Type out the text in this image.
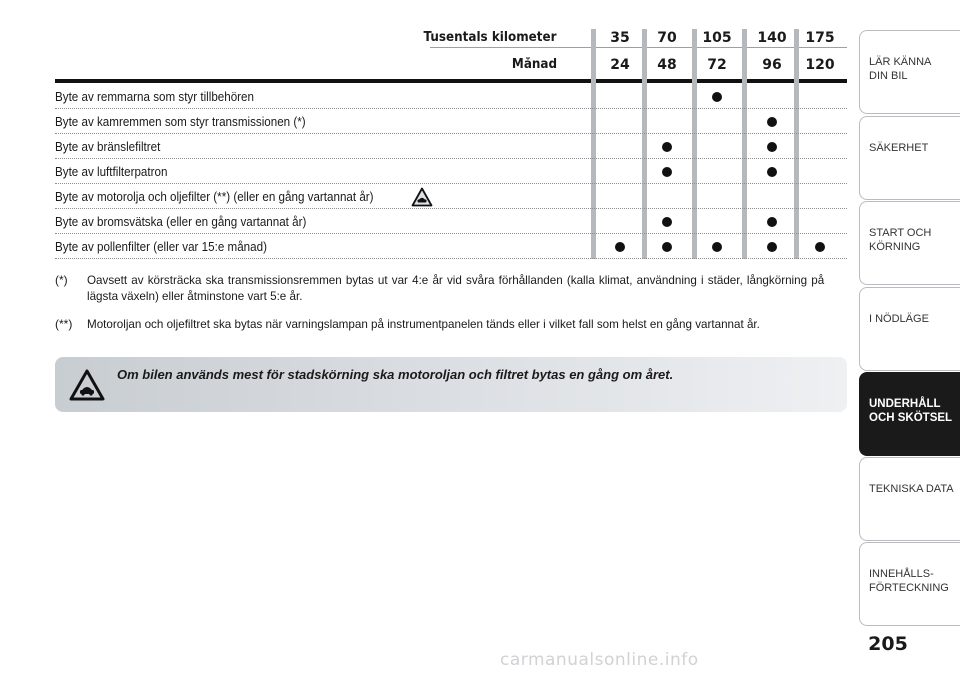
Tusentals kilometer
Månad
35
24
70
48
105
72
140
96
175
120
Byte av remmarna som styr tillbehören
Byte av kamremmen som styr transmissionen (*)
Byte av bränslefiltret
Byte av luftfilterpatron
Byte av motorolja och oljefilter (**) (eller en gång vartannat år)
Byte av bromsvätska (eller en gång vartannat år)
Byte av pollenfilter (eller var 15:e månad)
(*) Oavsett av körsträcka ska transmissionsremmen bytas ut var 4:e år vid svåra förhållanden (kalla klimat, användning i städer, långkörning på lägsta växeln) eller åtminstone vart 5:e år.
(**) Motoroljan och oljefiltret ska bytas när varningslampan på instrumentpanelen tänds eller i vilket fall som helst en gång vartannat år.
Om bilen används mest för stadskörning ska motoroljan och filtret bytas en gång om året.
LÄR KÄNNA
DIN BIL
SÄKERHET
START OCH
KÖRNING
I NÖDLÄGE
UNDERHÅLL
OCH SKÖTSEL
TEKNISKA DATA
INNEHÅLLS-
FÖRTECKNING
205
carmanualsonline.info
